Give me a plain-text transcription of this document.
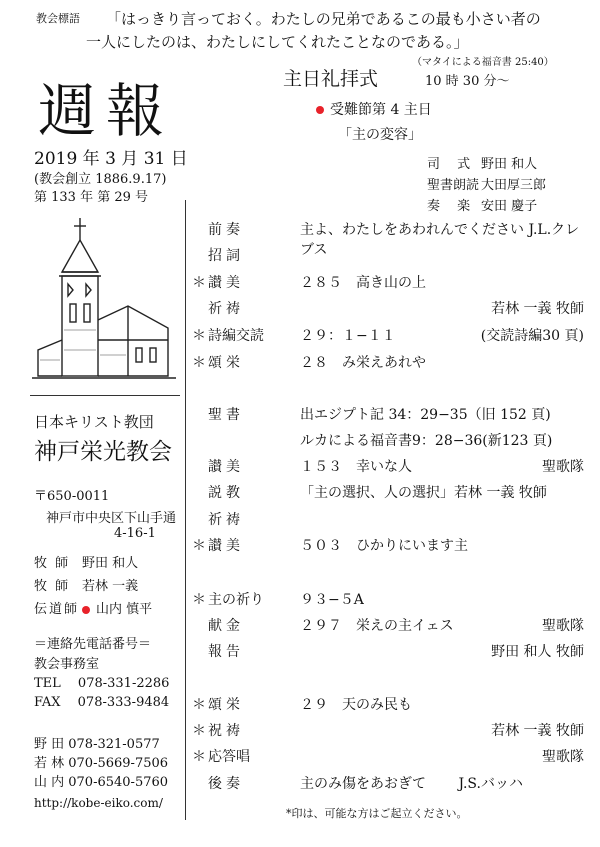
教会標語 「はっきり言っておく。わたしの兄弟であるこの最も小さい者の
一人にしたのは、わたしにしてくれたことなのである。」
（マタイによる福音書 25:40）
週報
2019 年 3 月 31 日
(教会創立 1886.9.17)
第 133 年 第 29 号
主日礼拝式	10 時 30 分～
受難節第 4 主日
「主の変容」
司　 式 野田 和人
聖書朗読 大田厚三郎
奏　 楽 安田 慶子
日本キリスト教団
神戸栄光教会
〒650-0011
神戸市中央区下山手通
4-16-1
牧 師 野田 和人
牧 師 若林 一義
伝道師 山内 慎平
＝連絡先電話番号＝
教会事務室
TEL　 078-331-2286
FAX　 078-333-9484
野 田 078-321-0577
若 林 070-5669-7506
山 内 070-6540-5760
http://kobe-eiko.com/
前奏	主よ、わたしをあわれんでください J.L.クレブス
招詞
＊ 讃美	２８５　高き山の上
祈祷	若林 一義 牧師
＊ 詩編交読	２９：１−１１	(交読詩編30 頁)
＊ 頌栄	２８　み栄えあれや
聖書	出エジプト記 34：29−35（旧 152 頁)
ルカによる福音書9：28−36(新123 頁)
讃美	１５３　幸いな人	聖歌隊
説教	「主の選択、人の選択」若林 一義 牧師
祈祷
＊ 讃美	５０３　ひかりにいます主
＊ 主の祈り	９３−５A
献金	２９７　栄えの主イェス	聖歌隊
報告	野田 和人 牧師
＊ 頌栄	２９　天のみ民も
＊ 祝祷	若林 一義 牧師
＊ 応答唱	聖歌隊
後奏	主のみ傷をあおぎて　　 J.S.バッハ
*印は、可能な方はご起立ください。
